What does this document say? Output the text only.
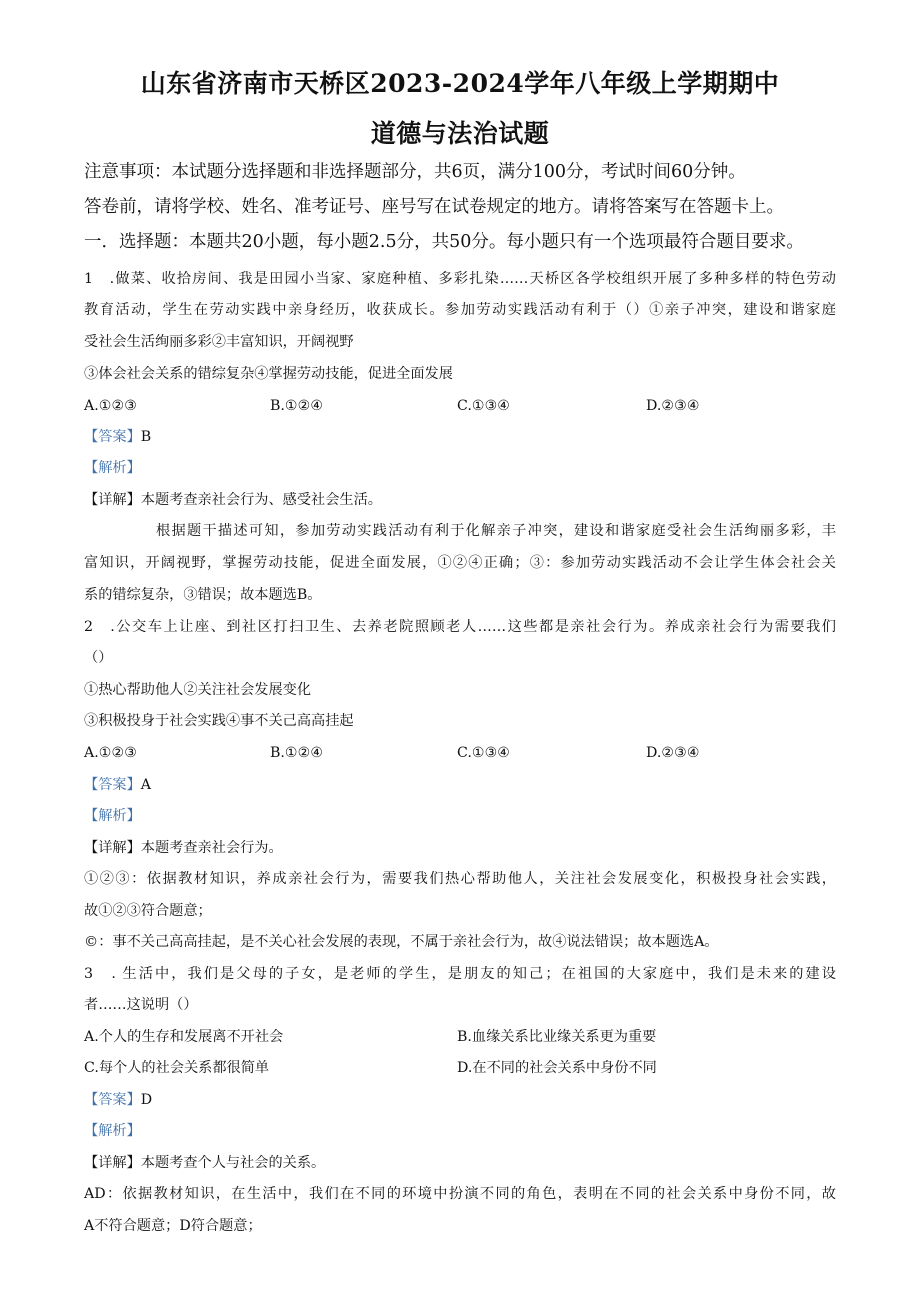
山东省济南市天桥区2023-2024学年八年级上学期期中
道德与法治试题
注意事项：本试题分选择题和非选择题部分，共6页，满分100分，考试时间60分钟。
答卷前，请将学校、姓名、准考证号、座号写在试卷规定的地方。请将答案写在答题卡上。
一．选择题：本题共20小题，每小题2.5分，共50分。每小题只有一个选项最符合题目要求。
1　.做菜、收拾房间、我是田园小当家、家庭种植、多彩扎染……天桥区各学校组织开展了多种多样的特色劳动
教育活动，学生在劳动实践中亲身经历，收获成长。参加劳动实践活动有利于（）①亲子冲突，建设和谐家庭
受社会生活绚丽多彩②丰富知识，开阔视野
③体会社会关系的错综复杂④掌握劳动技能，促进全面发展
A.①②③	B.①②④	C.①③④	D.②③④
【答案】B
【解析】
【详解】本题考查亲社会行为、感受社会生活。
根据题干描述可知，参加劳动实践活动有利于化解亲子冲突，建设和谐家庭受社会生活绚丽多彩，丰
富知识，开阔视野，掌握劳动技能，促进全面发展，①②④正确；③：参加劳动实践活动不会让学生体会社会关
系的错综复杂，③错误；故本题选B。
2　.公交车上让座、到社区打扫卫生、去养老院照顾老人……这些都是亲社会行为。养成亲社会行为需要我们
（）
①热心帮助他人②关注社会发展变化
③积极投身于社会实践④事不关己高高挂起
A.①②③	B.①②④	C.①③④	D.②③④
【答案】A
【解析】
【详解】本题考查亲社会行为。
①②③：依据教材知识，养成亲社会行为，需要我们热心帮助他人，关注社会发展变化，积极投身社会实践，
故①②③符合题意；
©：事不关己高高挂起，是不关心社会发展的表现，不属于亲社会行为，故④说法错误；故本题选A。
3　. 生活中，我们是父母的子女，是老师的学生，是朋友的知己；在祖国的大家庭中，我们是未来的建设
者……这说明（）
A.个人的生存和发展离不开社会	B.血缘关系比业缘关系更为重要
C.每个人的社会关系都很简单	D.在不同的社会关系中身份不同
【答案】D
【解析】
【详解】本题考查个人与社会的关系。
AD：依据教材知识，在生活中，我们在不同的环境中扮演不同的角色，表明在不同的社会关系中身份不同，故
A不符合题意；D符合题意；
